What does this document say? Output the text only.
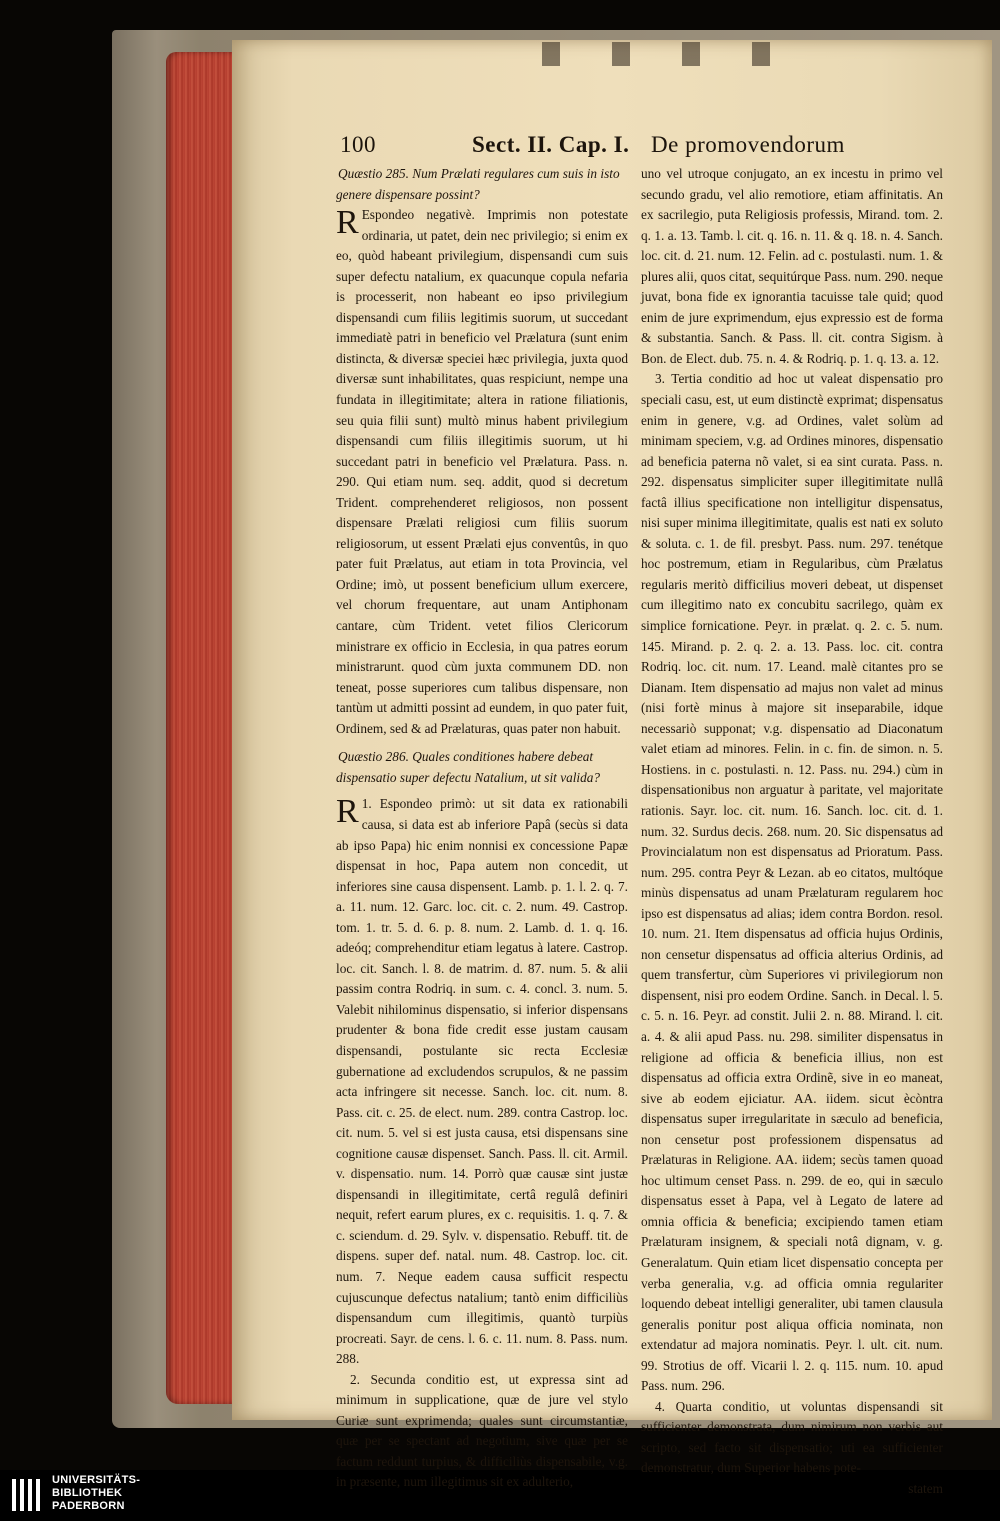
100	Sect. II. Cap. I. De promovendorum

Quæstio 285. Num Prælati regulares cum suis in isto genere dispensare possint?

R Espondeo negativè. Imprimis non potestate ordinaria, ut patet, dein nec privilegio; si enim ex eo, quòd habeant privilegium, dispensandi cum suis super defectu natalium, ex quacunque copula nefaria is processerit, non habeant eo ipso privilegium dispensandi cum filiis legitimis suorum, ut succedant immediatè patri in beneficio vel Prælatura (sunt enim distincta, & diversæ speciei hæc privilegia, juxta quod diversæ sunt inhabilitates, quas respiciunt, nempe una fundata in illegitimitate; altera in ratione filiationis, seu quia filii sunt) multò minus habent privilegium dispensandi cum filiis illegitimis suorum, ut hi succedant patri in beneficio vel Prælatura. Pass. n. 290. Qui etiam num. seq. addit, quod si decretum Trident. comprehenderet religiosos, non possent dispensare Prælati religiosi cum filiis suorum religiosorum, ut essent Prælati ejus conventûs, in quo pater fuit Prælatus, aut etiam in tota Provincia, vel Ordine; imò, ut possent beneficium ullum exercere, vel chorum frequentare, aut unam Antiphonam cantare, cùm Trident. vetet filios Clericorum ministrare ex officio in Ecclesia, in qua patres eorum ministrarunt. quod cùm juxta communem DD. non teneat, posse superiores cum talibus dispensare, non tantùm ut admitti possint ad eundem, in quo pater fuit, Ordinem, sed & ad Prælaturas, quas pater non habuit.

Quæstio 286. Quales conditiones habere debeat dispensatio super defectu Natalium, ut sit valida?

1.
R Espondeo primò: ut sit data ex rationabili causa, si data est ab inferiore Papâ (secùs si data ab ipso Papa) hic enim nonnisi ex concessione Papæ dispensat in hoc, Papa autem non concedit, ut inferiores sine causa dispensent. Lamb. p. 1. l. 2. q. 7. a. 11. num. 12. Garc. loc. cit. c. 2. num. 49. Castrop. tom. 1. tr. 5. d. 6. p. 8. num. 2. Lamb. d. 1. q. 16. adeóq; comprehenditur etiam legatus à latere. Castrop. loc. cit. Sanch. l. 8. de matrim. d. 87. num. 5. & alii passim contra Rodriq. in sum. c. 4. concl. 3. num. 5. Valebit nihilominus dispensatio, si inferior dispensans prudenter & bona fide credit esse justam causam dispensandi, postulante sic recta Ecclesiæ gubernatione ad excludendos scrupulos, & ne passim acta infringere sit necesse. Sanch. loc. cit. num. 8. Pass. cit. c. 25. de elect. num. 289. contra Castrop. loc. cit. num. 5. vel si est justa causa, etsi dispensans sine cognitione causæ dispenset. Sanch. Pass. ll. cit. Armil. v. dispensatio. num. 14. Porrò quæ causæ sint justæ dispensandi in illegitimitate, certâ regulâ definiri nequit, refert earum plures, ex c. requisitis. 1. q. 7. & c. sciendum. d. 29. Sylv. v. dispensatio. Rebuff. tit. de dispens. super def. natal. num. 48. Castrop. loc. cit. num. 7. Neque eadem causa sufficit respectu cujuscunque defectus natalium; tantò enim difficiliùs dispensandum cum illegitimis, quantò turpiùs procreati. Sayr. de cens. l. 6. c. 11. num. 8. Pass. num. 288.

2. Secunda conditio est, ut expressa sint ad minimum in supplicatione, quæ de jure vel stylo Curiæ sunt exprimenda; quales sunt circumstantiæ, quæ per se spectant ad negotium, sive quæ per se factum reddunt turpius, & difficiliùs dispensabile, v.g. in præsente, num illegitimus sit ex adulterio,

uno vel utroque conjugato, an ex incestu in primo vel secundo gradu, vel alio remotiore, etiam affinitatis. An ex sacrilegio, puta Religiosis professis, Mirand. tom. 2. q. 1. a. 13. Tamb. l. cit. q. 16. n. 11. & q. 18. n. 4. Sanch. loc. cit. d. 21. num. 12. Felin. ad c. postulasti. num. 1. & plures alii, quos citat, sequitúrque Pass. num. 290. neque juvat, bona fide ex ignorantia tacuisse tale quid; quod enim de jure exprimendum, ejus expressio est de forma & substantia. Sanch. & Pass. ll. cit. contra Sigism. à Bon. de Elect. dub. 75. n. 4. & Rodriq. p. 1. q. 13. a. 12.

3. Tertia conditio ad hoc ut valeat dispensatio pro speciali casu, est, ut eum distinctè exprimat; dispensatus enim in genere, v.g. ad Ordines, valet solùm ad minimam speciem, v.g. ad Ordines minores, dispensatio ad beneficia paterna nõ valet, si ea sint curata. Pass. n. 292. dispensatus simpliciter super illegitimitate nullâ factâ illius specificatione non intelligitur dispensatus, nisi super minima illegitimitate, qualis est nati ex soluto & soluta. c. 1. de fil. presbyt. Pass. num. 297. tenétque hoc postremum, etiam in Regularibus, cùm Prælatus regularis meritò difficilius moveri debeat, ut dispenset cum illegitimo nato ex concubitu sacrilego, quàm ex simplice fornicatione. Peyr. in prælat. q. 2. c. 5. num. 145. Mirand. p. 2. q. 2. a. 13. Pass. loc. cit. contra Rodriq. loc. cit. num. 17. Leand. malè citantes pro se Dianam. Item dispensatio ad majus non valet ad minus (nisi fortè minus à majore sit inseparabile, idque necessariò supponat; v.g. dispensatio ad Diaconatum valet etiam ad minores. Felin. in c. fin. de simon. n. 5. Hostiens. in c. postulasti. n. 12. Pass. nu. 294.) cùm in dispensationibus non arguatur à paritate, vel majoritate rationis. Sayr. loc. cit. num. 16. Sanch. loc. cit. d. 1. num. 32. Surdus decis. 268. num. 20. Sic dispensatus ad Provincialatum non est dispensatus ad Prioratum. Pass. num. 295. contra Peyr & Lezan. ab eo citatos, multóque minùs dispensatus ad unam Prælaturam regularem hoc ipso est dispensatus ad alias; idem contra Bordon. resol. 10. num. 21. Item dispensatus ad officia hujus Ordinis, non censetur dispensatus ad officia alterius Ordinis, ad quem transfertur, cùm Superiores vi privilegiorum non dispensent, nisi pro eodem Ordine. Sanch. in Decal. l. 5. c. 5. n. 16. Peyr. ad constit. Julii 2. n. 88. Mirand. l. cit. a. 4. & alii apud Pass. nu. 298. similiter dispensatus in religione ad officia & beneficia illius, non est dispensatus ad officia extra Ordinẽ, sive in eo maneat, sive ab eodem ejiciatur. AA. iidem. sicut ècòntra dispensatus super irregularitate in sæculo ad beneficia, non censetur post professionem dispensatus ad Prælaturas in Religione. AA. iidem; secùs tamen quoad hoc ultimum censet Pass. n. 299. de eo, qui in sæculo dispensatus esset à Papa, vel à Legato de latere ad omnia officia & beneficia; excipiendo tamen etiam Prælaturam insignem, & speciali notâ dignam, v. g. Generalatum. Quin etiam licet dispensatio concepta per verba generalia, v.g. ad officia omnia regulariter loquendo debeat intelligi generaliter, ubi tamen clausula generalis ponitur post aliqua officia nominata, non extendatur ad majora nominatis. Peyr. l. ult. cit. num. 99. Strotius de off. Vicarii l. 2. q. 115. num. 10. apud Pass. num. 296.

4. Quarta conditio, ut voluntas dispensandi sit sufficienter demonstrata, dum nimirum non verbis aut scripto, sed facto sit dispensatio; uti ea sufficienter demonstratur, dum Superior habens pote-

statem

UNIVERSITÄTS-
BIBLIOTHEK
PADERBORN
